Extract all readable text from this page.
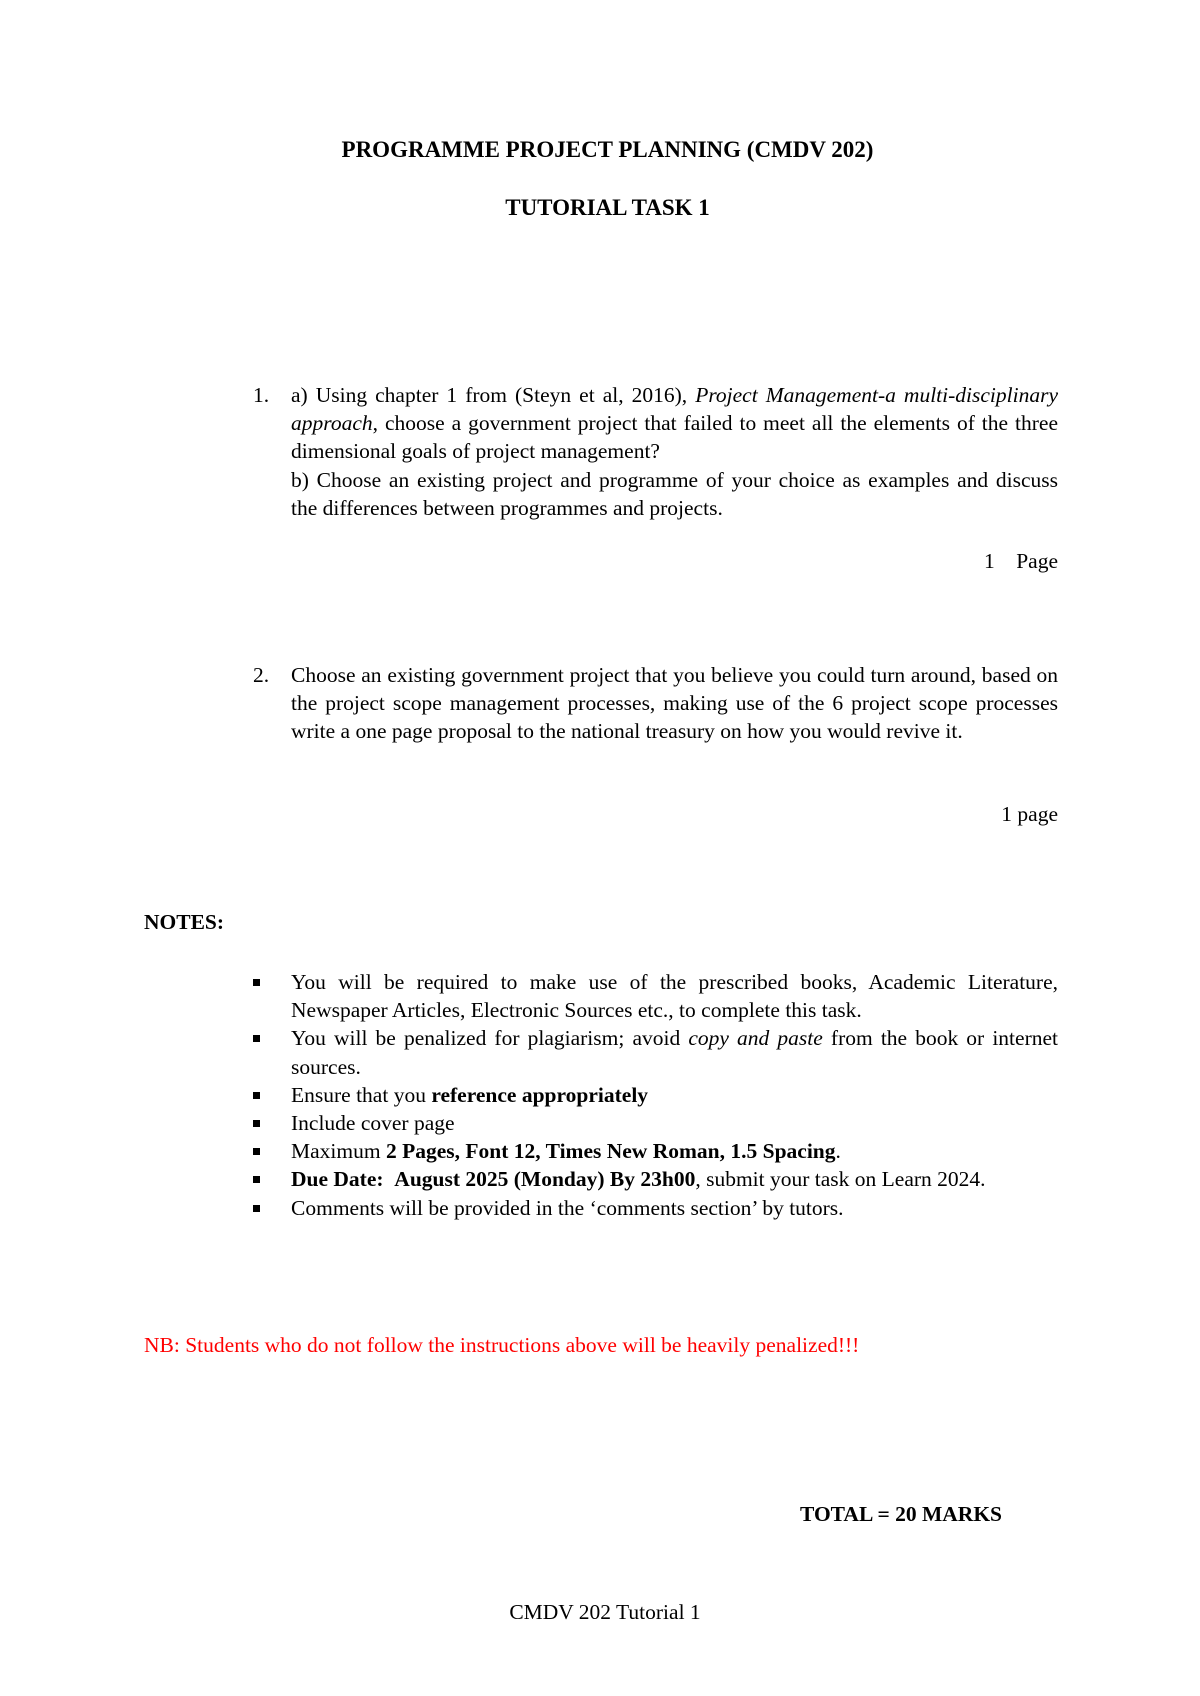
PROGRAMME PROJECT PLANNING (CMDV 202)
TUTORIAL TASK 1
1. a) Using chapter 1 from (Steyn et al, 2016), Project Management-a multi-disciplinary approach, choose a government project that failed to meet all the elements of the three dimensional goals of project management?
b) Choose an existing project and programme of your choice as examples and discuss the differences between programmes and projects.
1 Page
2. Choose an existing government project that you believe you could turn around, based on the project scope management processes, making use of the 6 project scope processes write a one page proposal to the national treasury on how you would revive it.
1 page
NOTES:
You will be required to make use of the prescribed books, Academic Literature, Newspaper Articles, Electronic Sources etc., to complete this task.
You will be penalized for plagiarism; avoid copy and paste from the book or internet sources.
Ensure that you reference appropriately
Include cover page
Maximum 2 Pages, Font 12, Times New Roman, 1.5 Spacing.
Due Date: August 2025 (Monday) By 23h00, submit your task on Learn 2024.
Comments will be provided in the ‘comments section’ by tutors.
NB: Students who do not follow the instructions above will be heavily penalized!!!
TOTAL = 20 MARKS
CMDV 202 Tutorial 1
